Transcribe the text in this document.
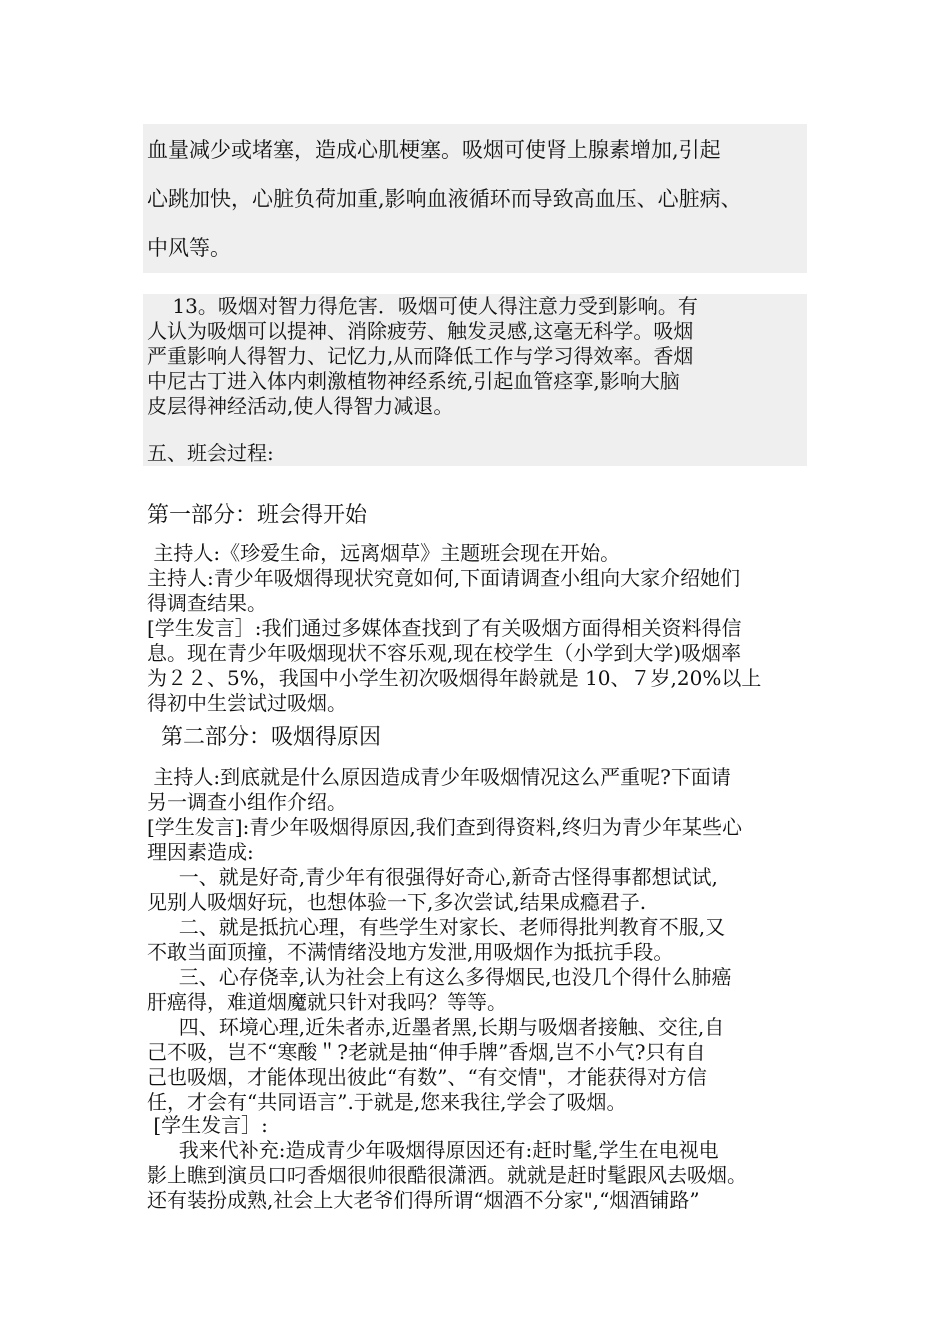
血量减少或堵塞，造成心肌梗塞。吸烟可使肾上腺素增加,引起
心跳加快，心脏负荷加重,影响血液循环而导致高血压、心脏病、
中风等。
13。吸烟对智力得危害．吸烟可使人得注意力受到影响。有
人认为吸烟可以提神、消除疲劳、触发灵感,这毫无科学。吸烟
严重影响人得智力、记忆力,从而降低工作与学习得效率。香烟
中尼古丁进入体内刺激植物神经系统,引起血管痉挛,影响大脑
皮层得神经活动,使人得智力减退。
五、班会过程:
第一部分：班会得开始
主持人:《珍爱生命，远离烟草》主题班会现在开始。
主持人:青少年吸烟得现状究竟如何,下面请调查小组向大家介绍她们
得调查结果。
[学生发言］:我们通过多媒体查找到了有关吸烟方面得相关资料得信
息。现在青少年吸烟现状不容乐观,现在校学生（小学到大学)吸烟率
为２２、5%，我国中小学生初次吸烟得年龄就是 10、７岁,20%以上
得初中生尝试过吸烟。
第二部分：吸烟得原因
主持人:到底就是什么原因造成青少年吸烟情况这么严重呢?下面请
另一调查小组作介绍。
[学生发言]:青少年吸烟得原因,我们查到得资料,终归为青少年某些心
理因素造成:
一、就是好奇,青少年有很强得好奇心,新奇古怪得事都想试试,
见别人吸烟好玩，也想体验一下,多次尝试,结果成瘾君子.
二、就是抵抗心理，有些学生对家长、老师得批判教育不服,又
不敢当面顶撞，不满情绪没地方发泄,用吸烟作为抵抗手段。
三、心存侥幸,认为社会上有这么多得烟民,也没几个得什么肺癌
肝癌得，难道烟魔就只针对我吗？等等。
四、环境心理,近朱者赤,近墨者黑,长期与吸烟者接触、交往,自
己不吸，岂不“寒酸＂?老就是抽“伸手牌”香烟,岂不小气?只有自
己也吸烟，才能体现出彼此“有数”、“有交情"，才能获得对方信
任，才会有“共同语言”.于就是,您来我往,学会了吸烟。
[学生发言］:
我来代补充:造成青少年吸烟得原因还有:赶时髦,学生在电视电
影上瞧到演员口叼香烟很帅很酷很潇洒。就就是赶时髦跟风去吸烟。
还有装扮成熟,社会上大老爷们得所谓“烟酒不分家",“烟酒铺路”
